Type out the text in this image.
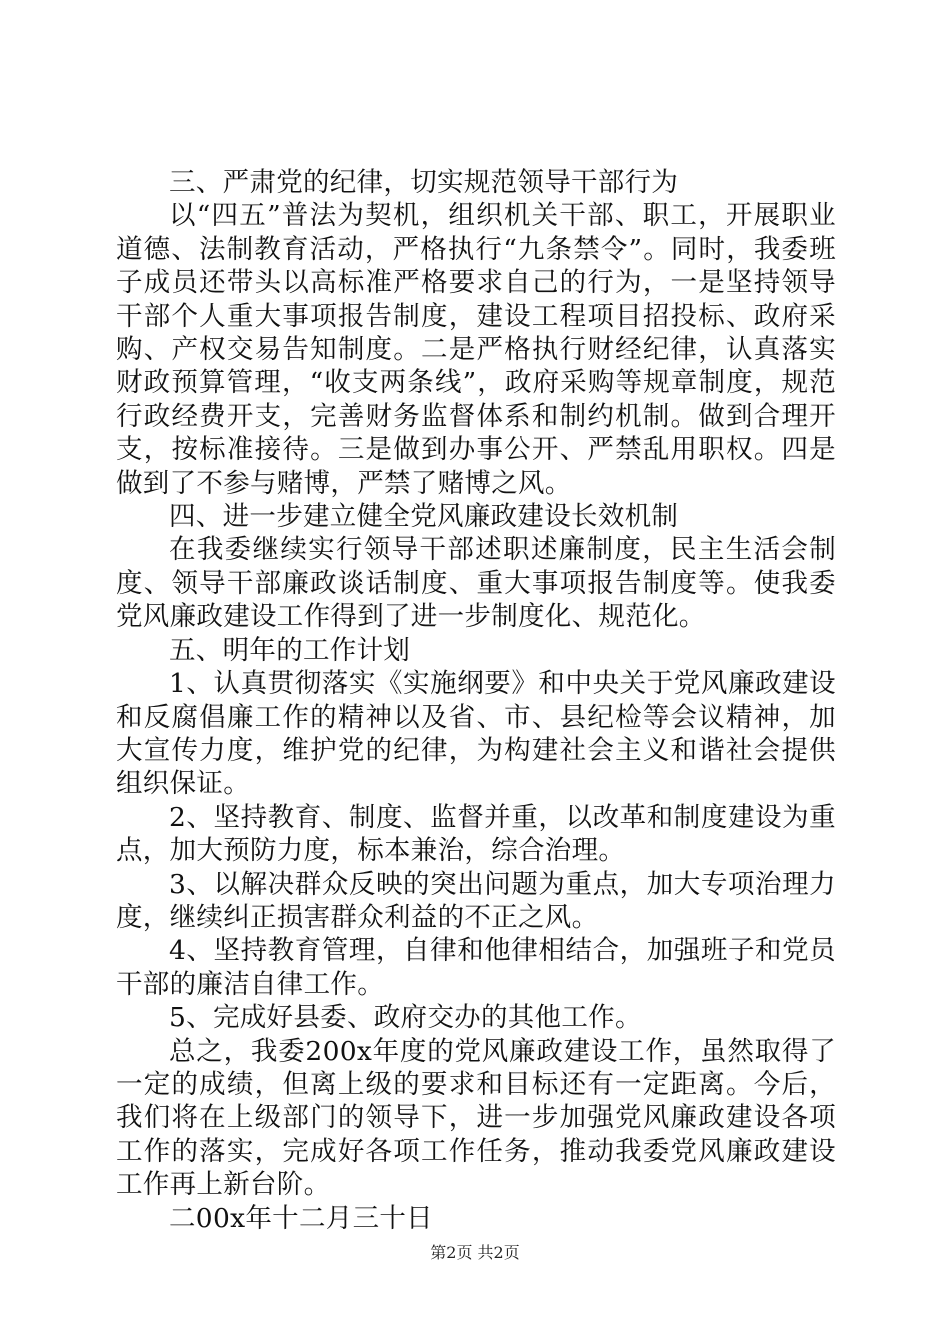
三、严肃党的纪律，切实规范领导干部行为

以“四五”普法为契机，组织机关干部、职工，开展职业道德、法制教育活动，严格执行“九条禁令”。同时，我委班子成员还带头以高标准严格要求自己的行为，一是坚持领导干部个人重大事项报告制度，建设工程项目招投标、政府采购、产权交易告知制度。二是严格执行财经纪律，认真落实财政预算管理，“收支两条线”，政府采购等规章制度，规范行政经费开支，完善财务监督体系和制约机制。做到合理开支，按标准接待。三是做到办事公开、严禁乱用职权。四是做到了不参与赌博，严禁了赌博之风。

四、进一步建立健全党风廉政建设长效机制

在我委继续实行领导干部述职述廉制度，民主生活会制度、领导干部廉政谈话制度、重大事项报告制度等。使我委党风廉政建设工作得到了进一步制度化、规范化。

五、明年的工作计划

1、认真贯彻落实《实施纲要》和中央关于党风廉政建设和反腐倡廉工作的精神以及省、市、县纪检等会议精神，加大宣传力度，维护党的纪律，为构建社会主义和谐社会提供组织保证。

2、坚持教育、制度、监督并重，以改革和制度建设为重点，加大预防力度，标本兼治，综合治理。

3、以解决群众反映的突出问题为重点，加大专项治理力度，继续纠正损害群众利益的不正之风。

4、坚持教育管理，自律和他律相结合，加强班子和党员干部的廉洁自律工作。

5、完成好县委、政府交办的其他工作。

总之，我委200x年度的党风廉政建设工作，虽然取得了一定的成绩，但离上级的要求和目标还有一定距离。今后，我们将在上级部门的领导下，进一步加强党风廉政建设各项工作的落实，完成好各项工作任务，推动我委党风廉政建设工作再上新台阶。

二00x年十二月三十日

第2页 共2页
